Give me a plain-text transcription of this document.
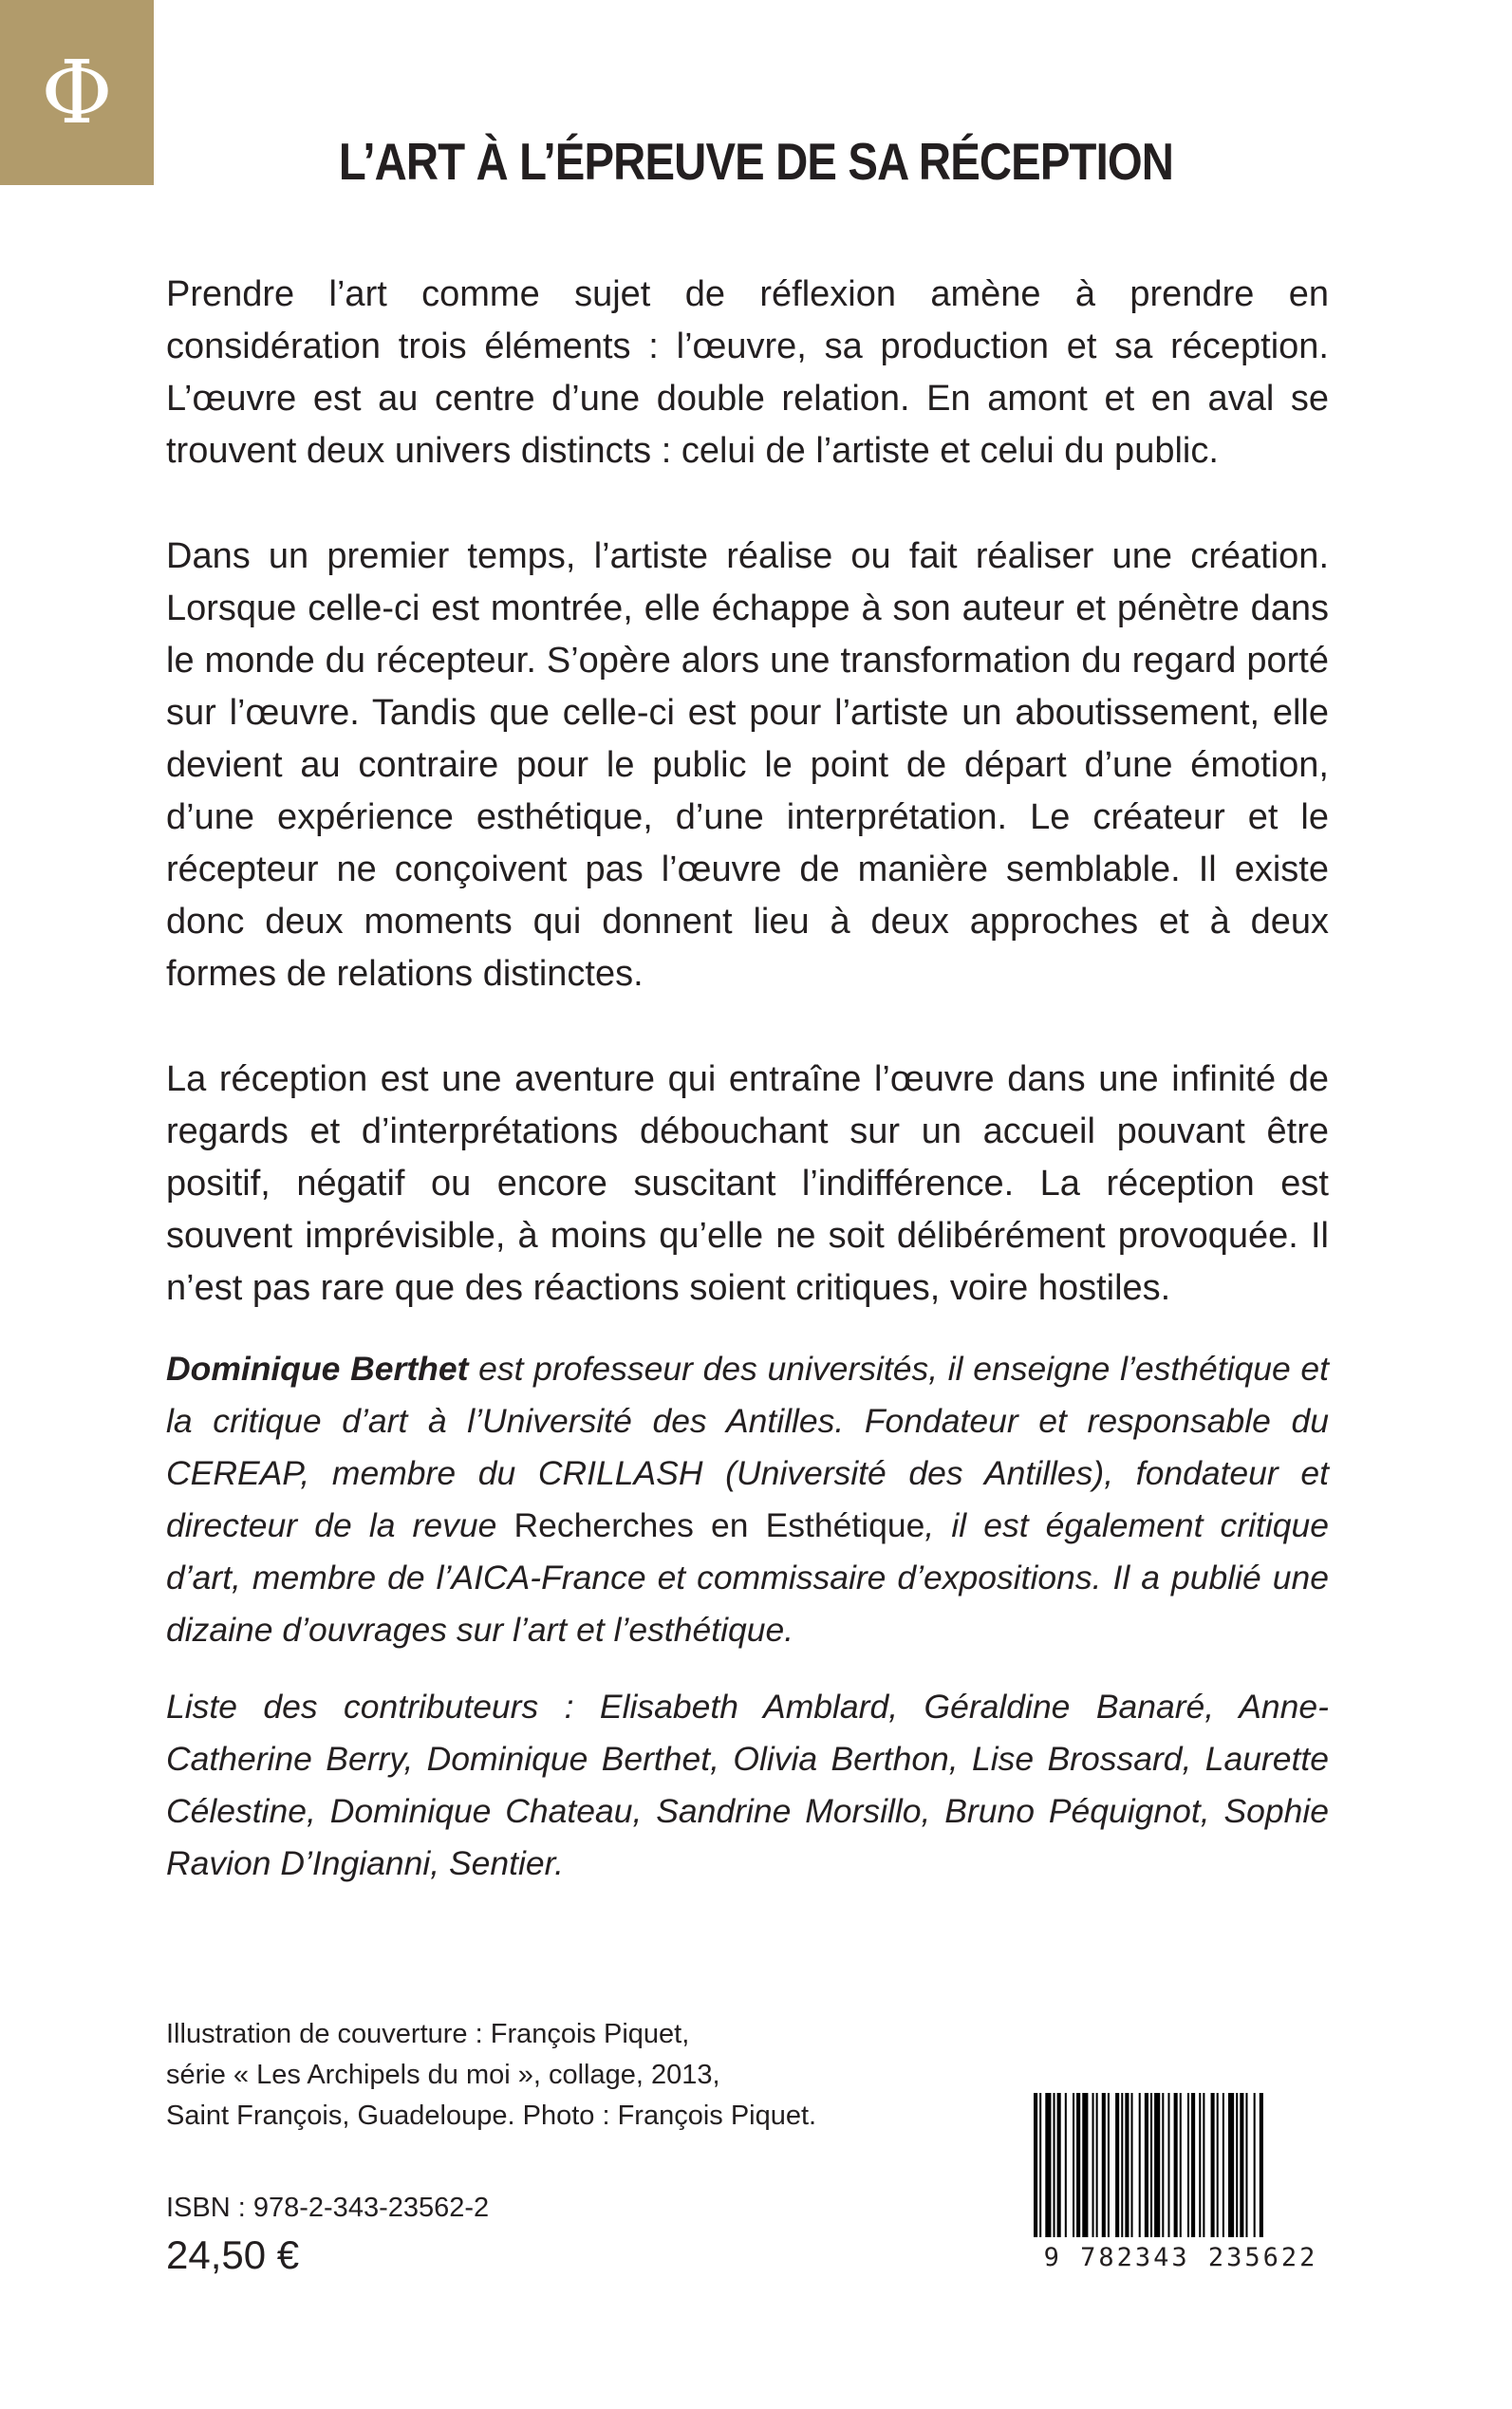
Φ
L’ART À L’ÉPREUVE DE SA RÉCEPTION

Prendre l’art comme sujet de réflexion amène à prendre en considération trois éléments : l’œuvre, sa production et sa réception. L’œuvre est au centre d’une double relation. En amont et en aval se trouvent deux univers distincts : celui de l’artiste et celui du public.

Dans un premier temps, l’artiste réalise ou fait réaliser une création. Lorsque celle-ci est montrée, elle échappe à son auteur et pénètre dans le monde du récepteur. S’opère alors une transformation du regard porté sur l’œuvre. Tandis que celle-ci est pour l’artiste un aboutissement, elle devient au contraire pour le public le point de départ d’une émotion, d’une expérience esthétique, d’une interprétation. Le créateur et le récepteur ne conçoivent pas l’œuvre de manière semblable. Il existe donc deux moments qui donnent lieu à deux approches et à deux formes de relations distinctes.

La réception est une aventure qui entraîne l’œuvre dans une infinité de regards et d’interprétations débouchant sur un accueil pouvant être positif, négatif ou encore suscitant l’indifférence. La réception est souvent imprévisible, à moins qu’elle ne soit délibérément provoquée. Il n’est pas rare que des réactions soient critiques, voire hostiles.

Dominique Berthet est professeur des universités, il enseigne l’esthétique et la critique d’art à l’Université des Antilles. Fondateur et responsable du CEREAP, membre du CRILLASH (Université des Antilles), fondateur et directeur de la revue Recherches en Esthétique, il est également critique d’art, membre de l’AICA-France et commissaire d’expositions. Il a publié une dizaine d’ouvrages sur l’art et l’esthétique.

Liste des contributeurs : Elisabeth Amblard, Géraldine Banaré, Anne-Catherine Berry, Dominique Berthet, Olivia Berthon, Lise Brossard, Laurette Célestine, Dominique Chateau, Sandrine Morsillo, Bruno Péquignot, Sophie Ravion D’Ingianni, Sentier.

Illustration de couverture : François Piquet,
série « Les Archipels du moi », collage, 2013,
Saint François, Guadeloupe. Photo : François Piquet.
ISBN : 978-2-343-23562-2
24,50 €	9 782343 235622
